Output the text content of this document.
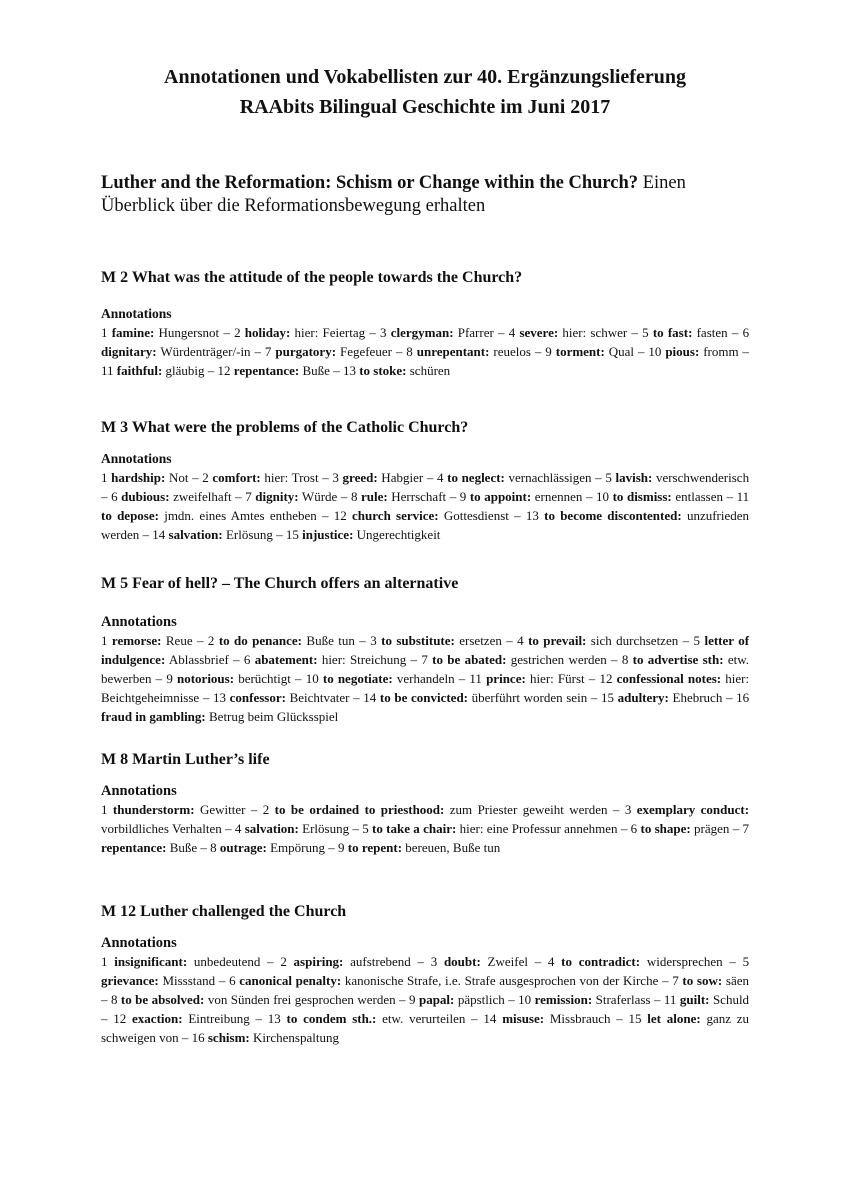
Annotationen und Vokabellisten zur 40. Ergänzungslieferung
RAAbits Bilingual Geschichte im Juni 2017
Luther and the Reformation: Schism or Change within the Church? Einen Überblick über die Reformationsbewegung erhalten
M 2 What was the attitude of the people towards the Church?
Annotations
1 famine: Hungersnot – 2 holiday: hier: Feiertag – 3 clergyman: Pfarrer – 4 severe: hier: schwer – 5 to fast: fasten – 6 dignitary: Würdenträger/-in – 7 purgatory: Fegefeuer – 8 unrepentant: reuelos – 9 torment: Qual – 10 pious: fromm – 11 faithful: gläubig – 12 repentance: Buße – 13 to stoke: schüren
M 3 What were the problems of the Catholic Church?
Annotations
1 hardship: Not – 2 comfort: hier: Trost – 3 greed: Habgier – 4 to neglect: vernachlässigen – 5 lavish: verschwenderisch – 6 dubious: zweifelhaft – 7 dignity: Würde – 8 rule: Herrschaft – 9 to appoint: ernennen – 10 to dismiss: entlassen – 11 to depose: jmdn. eines Amtes entheben – 12 church service: Gottesdienst – 13 to become discontented: unzufrieden werden – 14 salvation: Erlösung – 15 injustice: Ungerechtigkeit
M 5 Fear of hell? – The Church offers an alternative
Annotations
1 remorse: Reue – 2 to do penance: Buße tun – 3 to substitute: ersetzen – 4 to prevail: sich durchsetzen – 5 letter of indulgence: Ablassbrief – 6 abatement: hier: Streichung – 7 to be abated: gestrichen werden – 8 to advertise sth: etw. bewerben – 9 notorious: berüchtigt – 10 to negotiate: verhandeln – 11 prince: hier: Fürst – 12 confessional notes: hier: Beichtgeheimnisse – 13 confessor: Beichtvater – 14 to be convicted: überführt worden sein – 15 adultery: Ehebruch – 16 fraud in gambling: Betrug beim Glücksspiel
M 8 Martin Luther’s life
Annotations
1 thunderstorm: Gewitter – 2 to be ordained to priesthood: zum Priester geweiht werden – 3 exemplary conduct: vorbildliches Verhalten – 4 salvation: Erlösung – 5 to take a chair: hier: eine Professur annehmen – 6 to shape: prägen – 7 repentance: Buße – 8 outrage: Empörung – 9 to repent: bereuen, Buße tun
M 12 Luther challenged the Church
Annotations
1 insignificant: unbedeutend – 2 aspiring: aufstrebend – 3 doubt: Zweifel – 4 to contradict: widersprechen – 5 grievance: Missstand – 6 canonical penalty: kanonische Strafe, i.e. Strafe ausgesprochen von der Kirche – 7 to sow: säen – 8 to be absolved: von Sünden frei gesprochen werden – 9 papal: päpstlich – 10 remission: Straferlass – 11 guilt: Schuld – 12 exaction: Eintreibung – 13 to condem sth.: etw. verurteilen – 14 misuse: Missbrauch – 15 let alone: ganz zu schweigen von – 16 schism: Kirchenspaltung
